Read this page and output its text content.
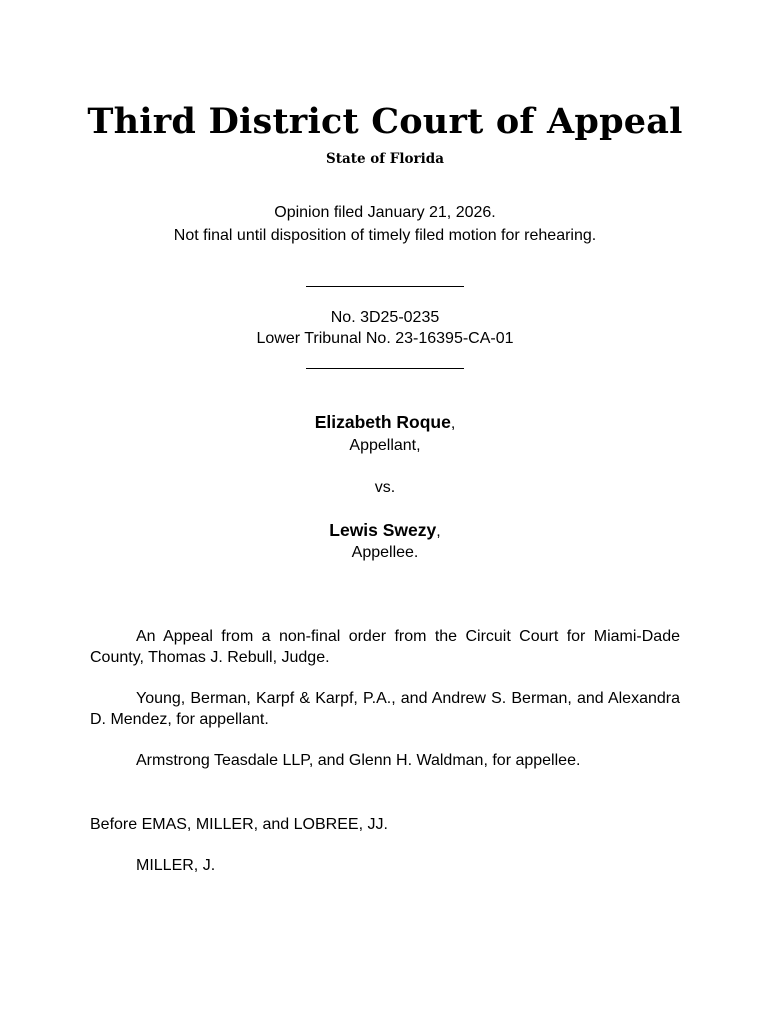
Third District Court of Appeal
State of Florida
Opinion filed January 21, 2026.
Not final until disposition of timely filed motion for rehearing.
No. 3D25-0235
Lower Tribunal No. 23-16395-CA-01
Elizabeth Roque,
Appellant,
vs.
Lewis Swezy,
Appellee.
An Appeal from a non-final order from the Circuit Court for Miami-Dade County, Thomas J. Rebull, Judge.
Young, Berman, Karpf & Karpf, P.A., and Andrew S. Berman, and Alexandra D. Mendez, for appellant.
Armstrong Teasdale LLP, and Glenn H. Waldman, for appellee.
Before EMAS, MILLER, and LOBREE, JJ.
MILLER, J.
